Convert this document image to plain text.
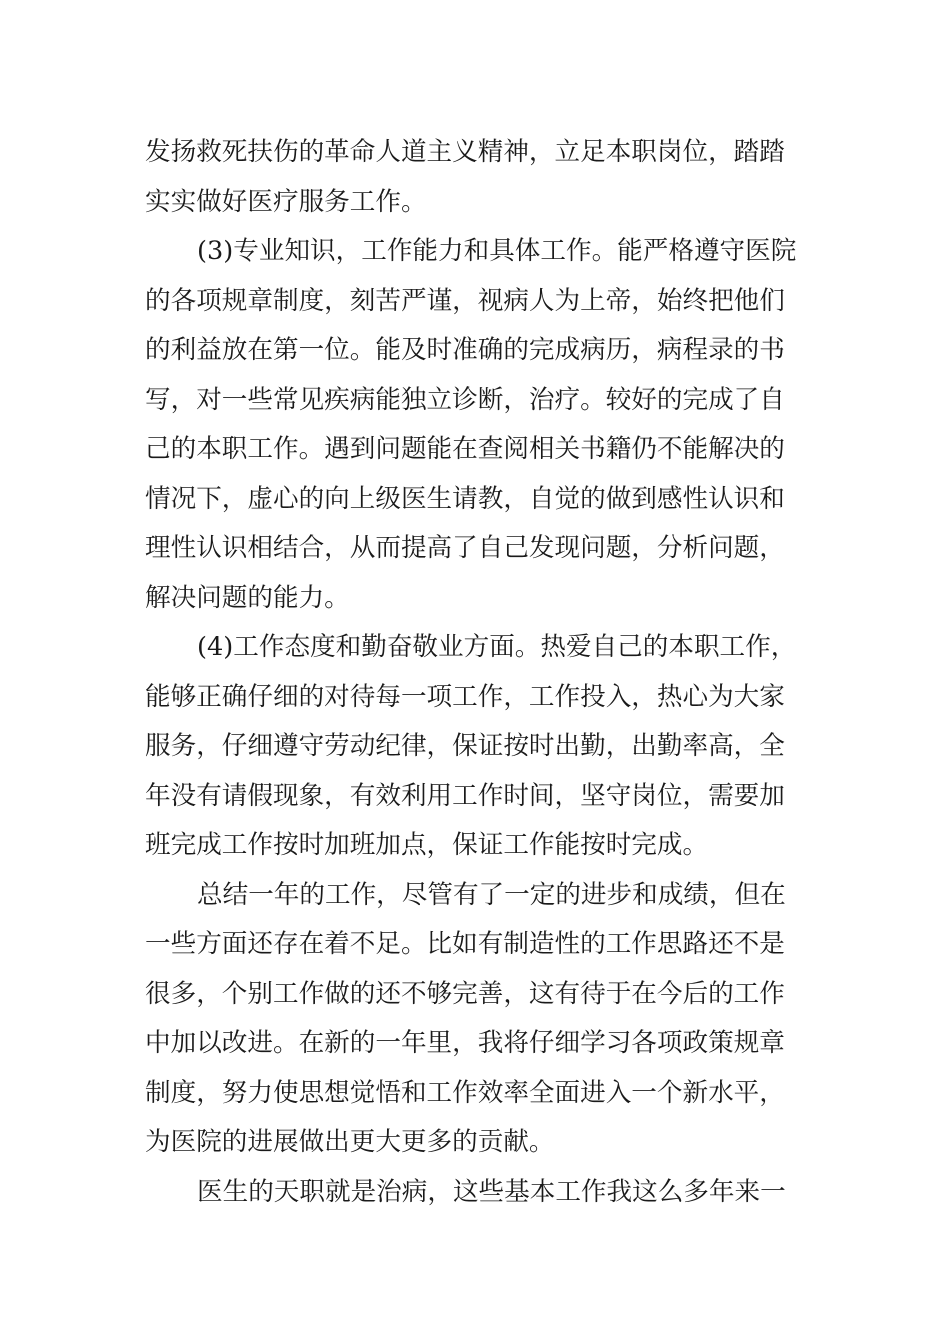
发扬救死扶伤的革命人道主义精神，立足本职岗位，踏踏
实实做好医疗服务工作。
(3)专业知识，工作能力和具体工作。能严格遵守医院
的各项规章制度，刻苦严谨，视病人为上帝，始终把他们
的利益放在第一位。能及时准确的完成病历，病程录的书
写，对一些常见疾病能独立诊断，治疗。较好的完成了自
己的本职工作。遇到问题能在查阅相关书籍仍不能解决的
情况下，虚心的向上级医生请教，自觉的做到感性认识和
理性认识相结合，从而提高了自己发现问题，分析问题，
解决问题的能力。
(4)工作态度和勤奋敬业方面。热爱自己的本职工作，
能够正确仔细的对待每一项工作，工作投入，热心为大家
服务，仔细遵守劳动纪律，保证按时出勤，出勤率高，全
年没有请假现象，有效利用工作时间，坚守岗位，需要加
班完成工作按时加班加点，保证工作能按时完成。
总结一年的工作，尽管有了一定的进步和成绩，但在
一些方面还存在着不足。比如有制造性的工作思路还不是
很多，个别工作做的还不够完善，这有待于在今后的工作
中加以改进。在新的一年里，我将仔细学习各项政策规章
制度，努力使思想觉悟和工作效率全面进入一个新水平，
为医院的进展做出更大更多的贡献。
医生的天职就是治病，这些基本工作我这么多年来一
